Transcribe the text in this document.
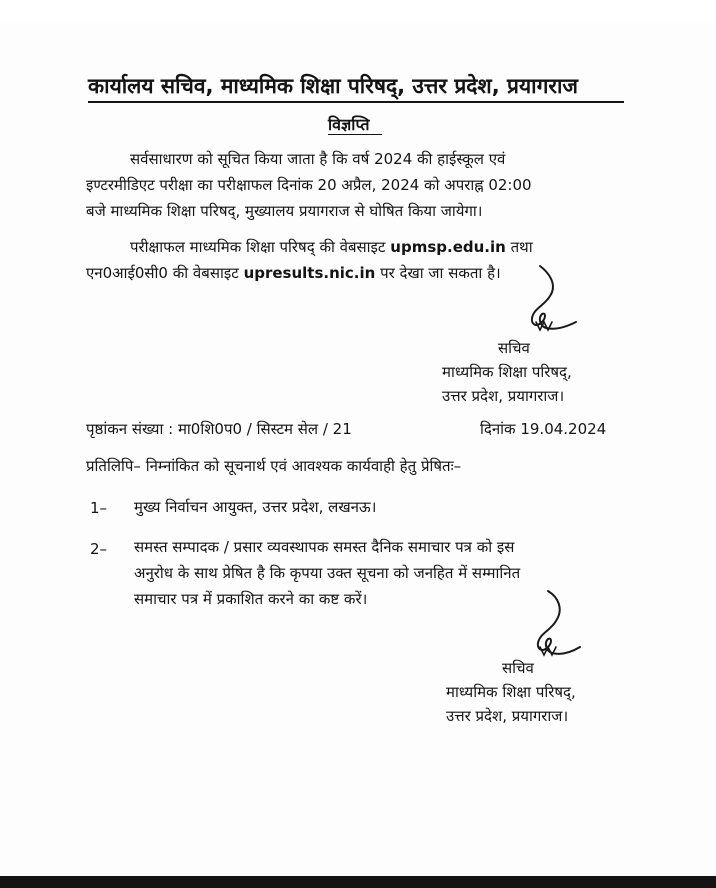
कार्यालय सचिव, माध्यमिक शिक्षा परिषद्, उत्तर प्रदेश, प्रयागराज
विज्ञप्ति
सर्वसाधारण को सूचित किया जाता है कि वर्ष 2024 की हाईस्कूल एवं
इण्टरमीडिएट परीक्षा का परीक्षाफल दिनांक 20 अप्रैल, 2024 को अपराह्न 02:00
बजे माध्यमिक शिक्षा परिषद्, मुख्यालय प्रयागराज से घोषित किया जायेगा।
परीक्षाफल माध्यमिक शिक्षा परिषद् की वेबसाइट upmsp.edu.in तथा
एन0आई0सी0 की वेबसाइट upresults.nic.in पर देखा जा सकता है।
सचिव
माध्यमिक शिक्षा परिषद्,
उत्तर प्रदेश, प्रयागराज।
पृष्ठांकन संख्या : मा0शि0प0 / सिस्टम सेल / 21	दिनांक 19.04.2024
प्रतिलिपि– निम्नांकित को सूचनार्थ एवं आवश्यक कार्यवाही हेतु प्रेषितः–
1– मुख्य निर्वाचन आयुक्त, उत्तर प्रदेश, लखनऊ।
2– समस्त सम्पादक / प्रसार व्यवस्थापक समस्त दैनिक समाचार पत्र को इस
अनुरोध के साथ प्रेषित है कि कृपया उक्त सूचना को जनहित में सम्मानित
समाचार पत्र में प्रकाशित करने का कष्ट करें।
सचिव
माध्यमिक शिक्षा परिषद्,
उत्तर प्रदेश, प्रयागराज।
